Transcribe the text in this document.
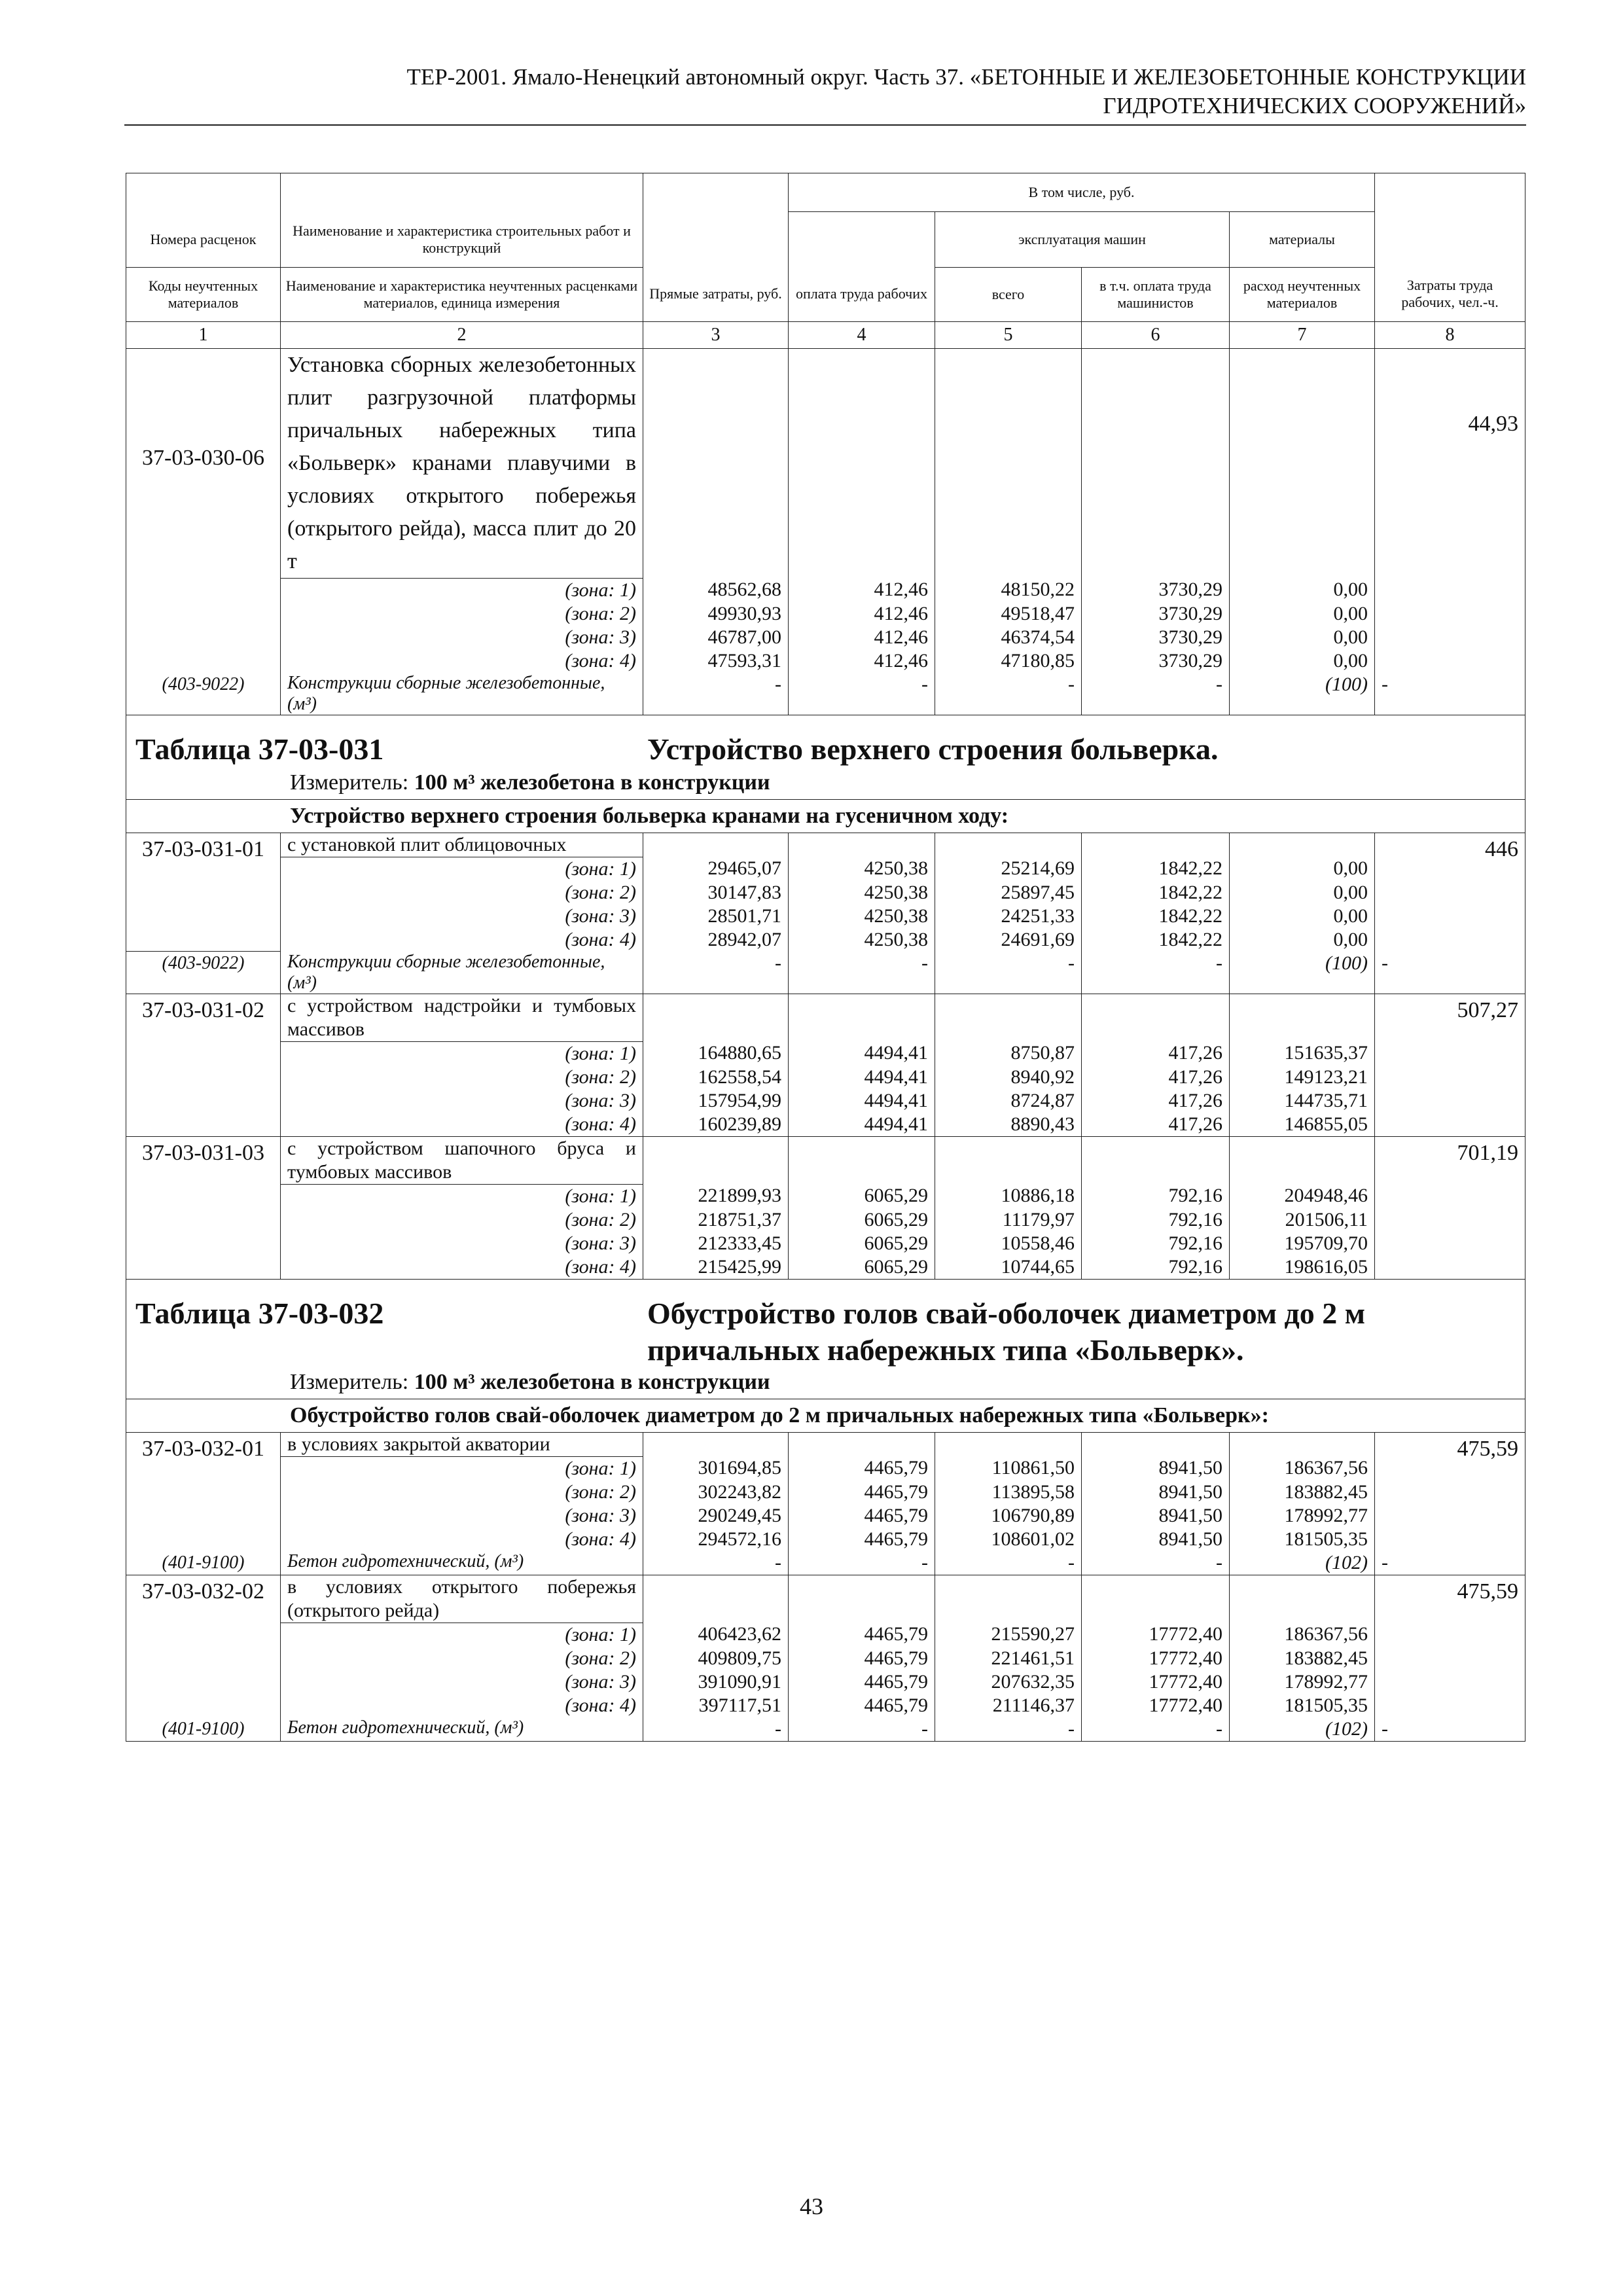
ТЕР-2001. Ямало-Ненецкий автономный округ. Часть 37. «БЕТОННЫЕ И ЖЕЛЕЗОБЕТОННЫЕ КОНСТРУКЦИИ
ГИДРОТЕХНИЧЕСКИХ СООРУЖЕНИЙ»
			В том числе, руб.				
Номера расценок	Наименование и характеристика строительных работ и конструкций			эксплуатация машин		материалы	
Коды неучтенных материалов	Наименование и характеристика неучтенных расценками материалов, единица измерения	Прямые затраты, руб.	оплата труда рабочих	всего	в т.ч. оплата труда машинистов	расход неучтенных материалов	Затраты труда рабочих, чел.-ч.
1	2	3	4	5	6	7	8
37-03-030-06	Установка сборных железобетонных плит разгрузочной платформы причальных набережных типа «Больверк» кранами плавучими в условиях открытого побережья (открытого рейда), масса плит до 20 т						44,93
	(зона: 1)	48562,68	412,46	48150,22	3730,29	0,00	
	(зона: 2)	49930,93	412,46	49518,47	3730,29	0,00	
	(зона: 3)	46787,00	412,46	46374,54	3730,29	0,00	
	(зона: 4)	47593,31	412,46	47180,85	3730,29	0,00	
(403-9022)	Конструкции сборные железобетонные, (м³)	-	-	-	-	(100)	-

Таблица 37-03-031 Устройство верхнего строения больверка.							

Измеритель: 100 м³ железобетона в конструкции							
Устройство верхнего строения больверка кранами на гусеничном ходу:							
37-03-031-01	с установкой плит облицовочных						446
	(зона: 1)	29465,07	4250,38	25214,69	1842,22	0,00	
	(зона: 2)	30147,83	4250,38	25897,45	1842,22	0,00	
	(зона: 3)	28501,71	4250,38	24251,33	1842,22	0,00	
	(зона: 4)	28942,07	4250,38	24691,69	1842,22	0,00	
(403-9022)	Конструкции сборные железобетонные, (м³)	-	-	-	-	(100)	-
37-03-031-02	с устройством надстройки и тумбовых массивов						507,27
	(зона: 1)	164880,65	4494,41	8750,87	417,26	151635,37	
	(зона: 2)	162558,54	4494,41	8940,92	417,26	149123,21	
	(зона: 3)	157954,99	4494,41	8724,87	417,26	144735,71	
	(зона: 4)	160239,89	4494,41	8890,43	417,26	146855,05	
37-03-031-03	с устройством шапочного бруса и тумбовых массивов						701,19
	(зона: 1)	221899,93	6065,29	10886,18	792,16	204948,46	
	(зона: 2)	218751,37	6065,29	11179,97	792,16	201506,11	
	(зона: 3)	212333,45	6065,29	10558,46	792,16	195709,70	
	(зона: 4)	215425,99	6065,29	10744,65	792,16	198616,05	

Таблица 37-03-032 Обустройство голов свай-оболочек диаметром до 2 м
причальных набережных типа «Больверк».							

Измеритель: 100 м³ железобетона в конструкции							
Обустройство голов свай-оболочек диаметром до 2 м причальных набережных типа «Больверк»:							
37-03-032-01	в условиях закрытой акватории						475,59
	(зона: 1)	301694,85	4465,79	110861,50	8941,50	186367,56	
	(зона: 2)	302243,82	4465,79	113895,58	8941,50	183882,45	
	(зона: 3)	290249,45	4465,79	106790,89	8941,50	178992,77	
	(зона: 4)	294572,16	4465,79	108601,02	8941,50	181505,35	
(401-9100)	Бетон гидротехнический, (м³)	-	-	-	-	(102)	-
37-03-032-02	в условиях открытого побережья (открытого рейда)						475,59
	(зона: 1)	406423,62	4465,79	215590,27	17772,40	186367,56	
	(зона: 2)	409809,75	4465,79	221461,51	17772,40	183882,45	
	(зона: 3)	391090,91	4465,79	207632,35	17772,40	178992,77	
	(зона: 4)	397117,51	4465,79	211146,37	17772,40	181505,35	
(401-9100)	Бетон гидротехнический, (м³)	-	-	-	-	(102)	-
43
